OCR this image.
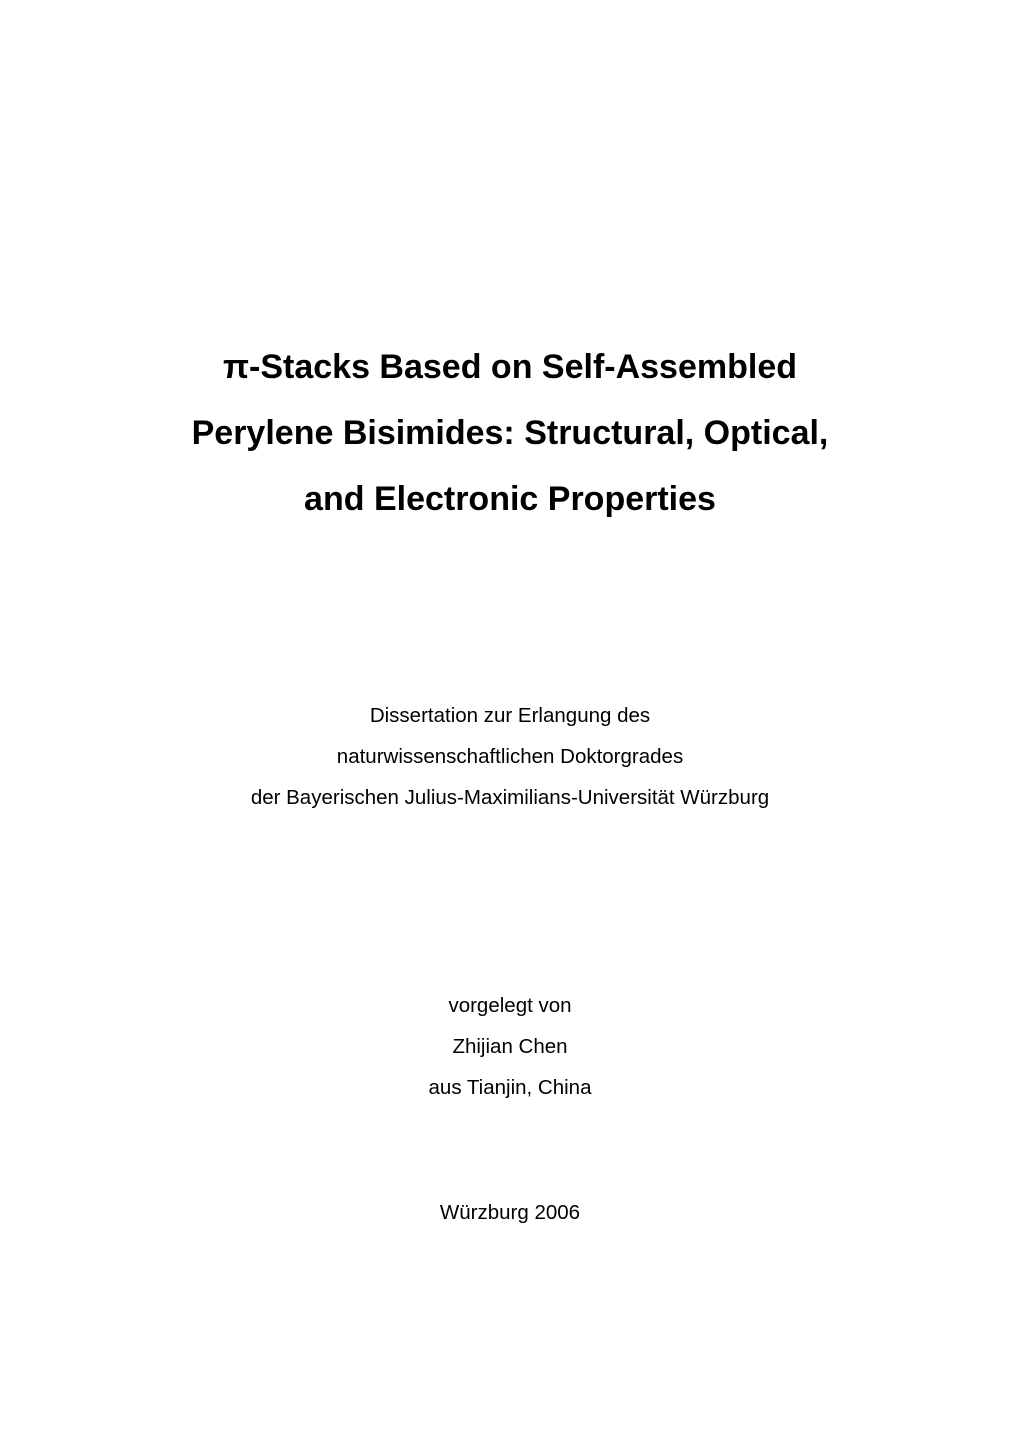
π-Stacks Based on Self-Assembled
Perylene Bisimides: Structural, Optical,
and Electronic Properties
Dissertation zur Erlangung des
naturwissenschaftlichen Doktorgrades
der Bayerischen Julius-Maximilians-Universität Würzburg
vorgelegt von
Zhijian Chen
aus Tianjin, China
Würzburg 2006
